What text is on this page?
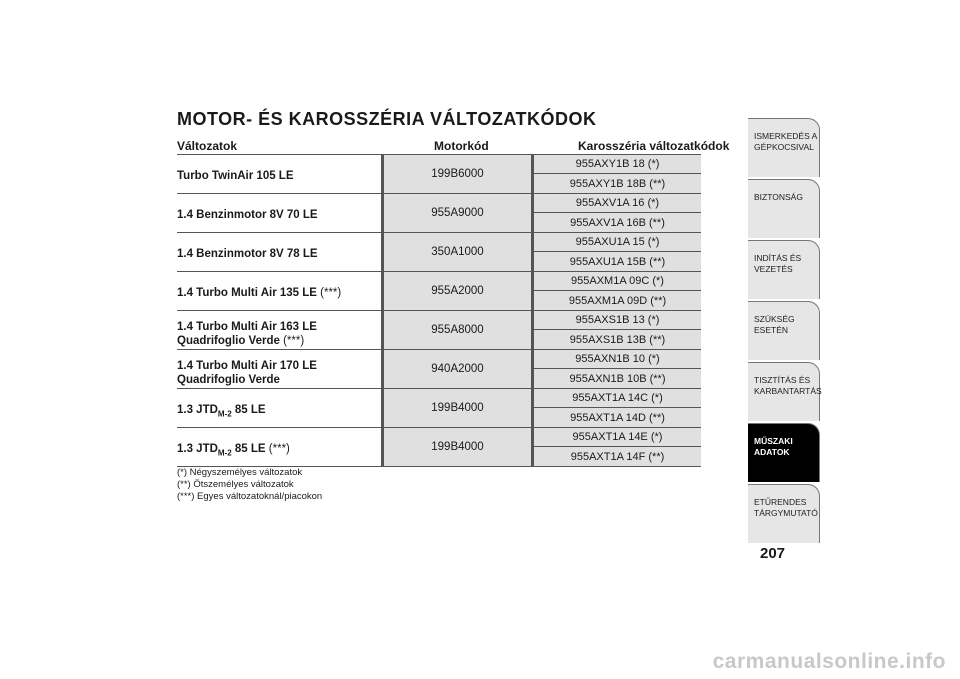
MOTOR- ÉS KAROSSZÉRIA VÁLTOZATKÓDOK
Változatok	Motorkód	Karosszéria változatkódok
Turbo TwinAir 105 LE	199B6000
955AXY1B 18 (*)
955AXY1B 18B (**)
1.4 Benzinmotor 8V 70 LE	955A9000
955AXV1A 16 (*)
955AXV1A 16B (**)
1.4 Benzinmotor 8V 78 LE	350A1000
955AXU1A 15 (*)
955AXU1A 15B (**)
1.4 Turbo Multi Air 135 LE (***)	955A2000
955AXM1A 09C (*)
955AXM1A 09D (**)
1.4 Turbo Multi Air 163 LE
Quadrifoglio Verde (***)
955A8000
955AXS1B 13 (*)
955AXS1B 13B (**)
1.4 Turbo Multi Air 170 LE
Quadrifoglio Verde
940A2000
955AXN1B 10 (*)
955AXN1B 10B (**)
1.3 $JTD_{M-2}$ 85 LE	199B4000
955AXT1A 14C (*)
955AXT1A 14D (**)
1.3 $JTD_{M-2}$ 85 LE (***)	199B4000
955AXT1A 14E (*)
955AXT1A 14F (**)
(*) Négyszemélyes változatok
(**) Ötszemélyes változatok
(***) Egyes változatoknál/piacokon
ISMERKEDÉS A
GÉPKOCSIVAL
BIZTONSÁG
INDÍTÁS ÉS VEZETÉS
SZÜKSÉG ESETÉN
TISZTÍTÁS ÉS
KARBANTARTÁS
MŰSZAKI
ADATOK
ETŰRENDES
TÁRGYMUTATÓ
207
carmanualsonline.info
